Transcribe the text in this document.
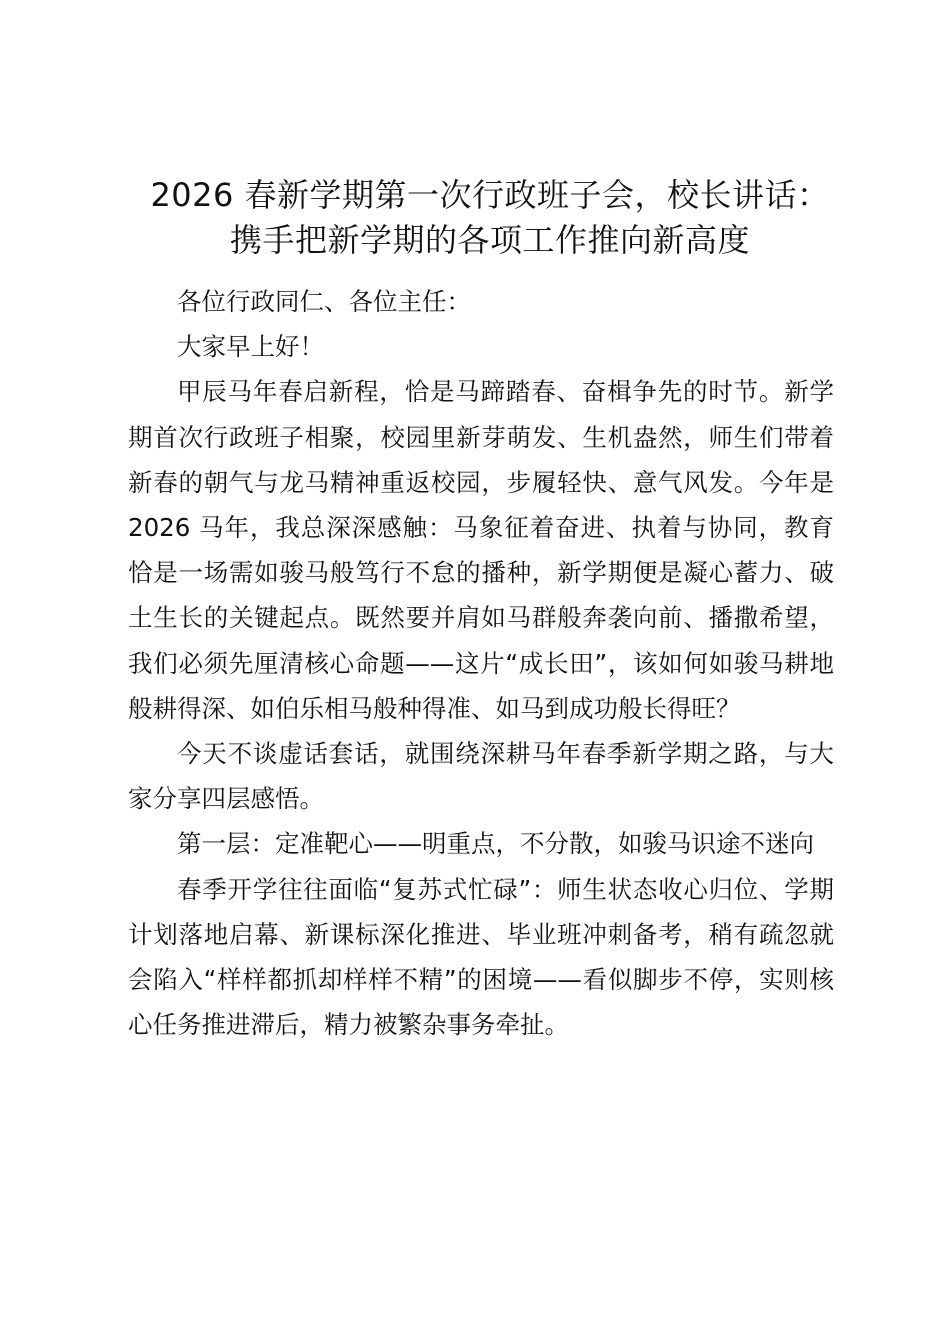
2026 春新学期第一次行政班子会，校长讲话：
携手把新学期的各项工作推向新高度

各位行政同仁、各位主任：

大家早上好！

甲辰马年春启新程，恰是马蹄踏春、奋楫争先的时节。新学期首次行政班子相聚，校园里新芽萌发、生机盎然，师生们带着新春的朝气与龙马精神重返校园，步履轻快、意气风发。今年是 2026 马年，我总深深感触：马象征着奋进、执着与协同，教育恰是一场需如骏马般笃行不怠的播种，新学期便是凝心蓄力、破土生长的关键起点。既然要并肩如马群般奔袭向前、播撒希望，我们必须先厘清核心命题——这片“成长田”，该如何如骏马耕地般耕得深、如伯乐相马般种得准、如马到成功般长得旺？

今天不谈虚话套话，就围绕深耕马年春季新学期之路，与大家分享四层感悟。

第一层：定准靶心——明重点，不分散，如骏马识途不迷向

春季开学往往面临“复苏式忙碌”：师生状态收心归位、学期计划落地启幕、新课标深化推进、毕业班冲刺备考，稍有疏忽就会陷入“样样都抓却样样不精”的困境——看似脚步不停，实则核心任务推进滞后，精力被繁杂事务牵扯。
